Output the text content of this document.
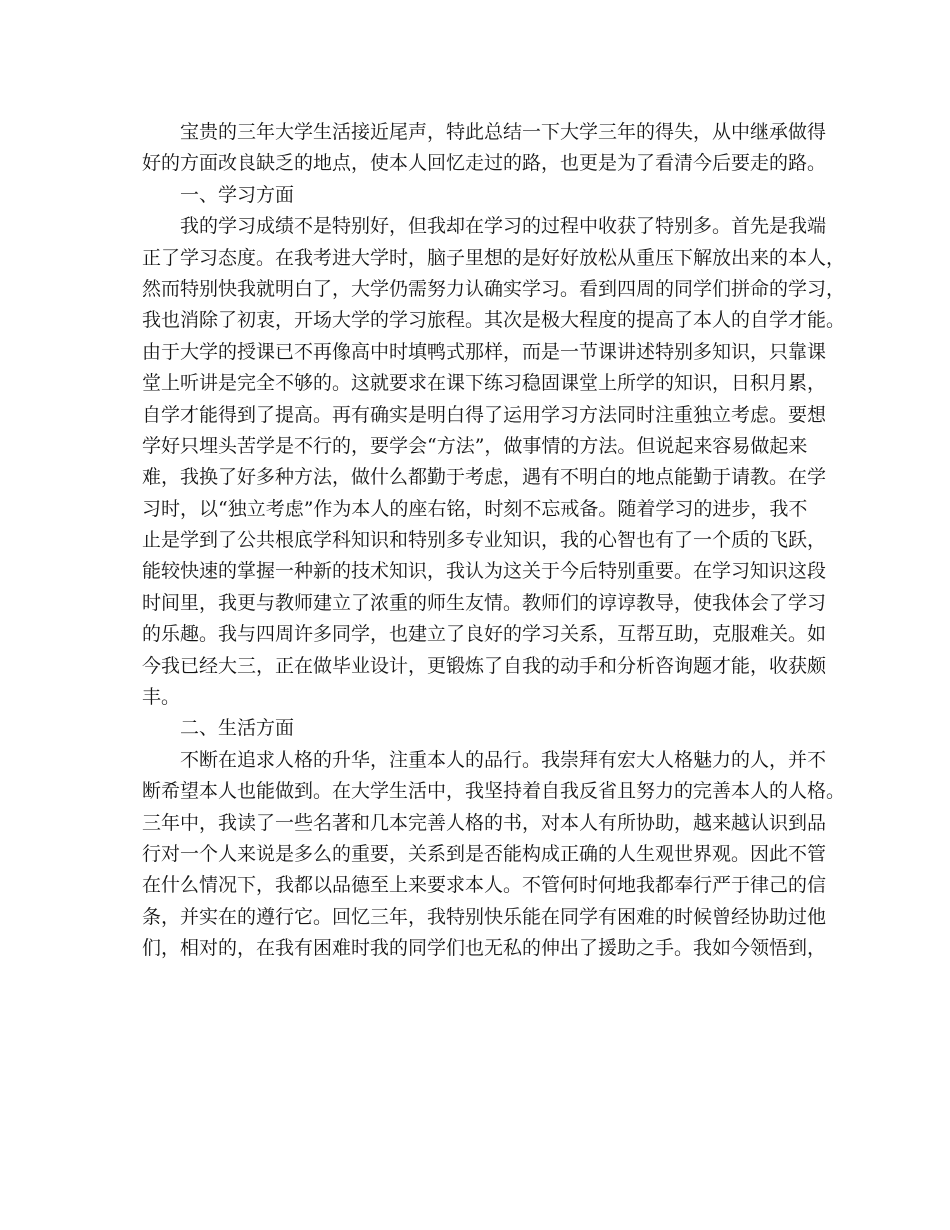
宝贵的三年大学生活接近尾声，特此总结一下大学三年的得失，从中继承做得
好的方面改良缺乏的地点，使本人回忆走过的路，也更是为了看清今后要走的路。
一、学习方面
我的学习成绩不是特别好，但我却在学习的过程中收获了特别多。首先是我端
正了学习态度。在我考进大学时，脑子里想的是好好放松从重压下解放出来的本人，
然而特别快我就明白了，大学仍需努力认确实学习。看到四周的同学们拼命的学习，
我也消除了初衷，开场大学的学习旅程。其次是极大程度的提高了本人的自学才能。
由于大学的授课已不再像高中时填鸭式那样，而是一节课讲述特别多知识，只靠课
堂上听讲是完全不够的。这就要求在课下练习稳固课堂上所学的知识，日积月累，
自学才能得到了提高。再有确实是明白得了运用学习方法同时注重独立考虑。要想
学好只埋头苦学是不行的，要学会“方法”，做事情的方法。但说起来容易做起来
难，我换了好多种方法，做什么都勤于考虑，遇有不明白的地点能勤于请教。在学
习时，以“独立考虑”作为本人的座右铭，时刻不忘戒备。随着学习的进步，我不
止是学到了公共根底学科知识和特别多专业知识，我的心智也有了一个质的飞跃，
能较快速的掌握一种新的技术知识，我认为这关于今后特别重要。在学习知识这段
时间里，我更与教师建立了浓重的师生友情。教师们的谆谆教导，使我体会了学习
的乐趣。我与四周许多同学，也建立了良好的学习关系，互帮互助，克服难关。如
今我已经大三，正在做毕业设计，更锻炼了自我的动手和分析咨询题才能，收获颇
丰。
二、生活方面
不断在追求人格的升华，注重本人的品行。我崇拜有宏大人格魅力的人，并不
断希望本人也能做到。在大学生活中，我坚持着自我反省且努力的完善本人的人格。
三年中，我读了一些名著和几本完善人格的书，对本人有所协助，越来越认识到品
行对一个人来说是多么的重要，关系到是否能构成正确的人生观世界观。因此不管
在什么情况下，我都以品德至上来要求本人。不管何时何地我都奉行严于律己的信
条，并实在的遵行它。回忆三年，我特别快乐能在同学有困难的时候曾经协助过他
们，相对的，在我有困难时我的同学们也无私的伸出了援助之手。我如今领悟到，
